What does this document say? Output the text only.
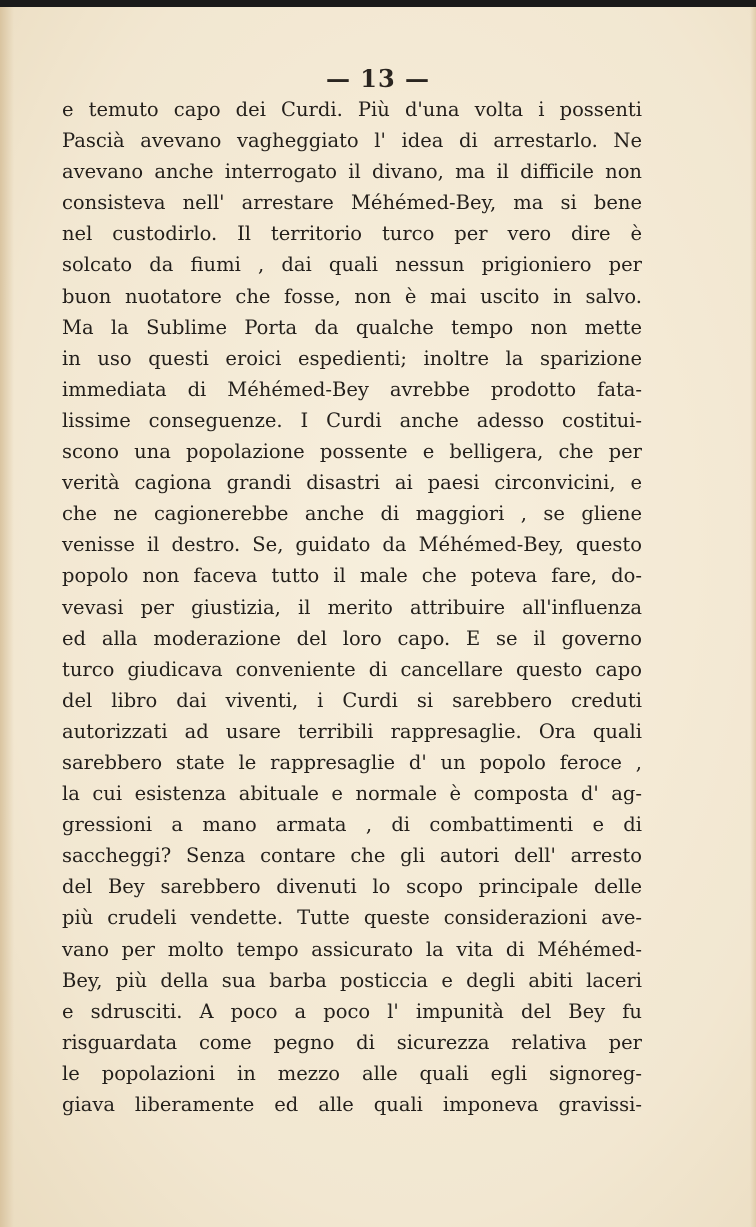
— 13 —
e temuto capo dei Curdi. Più d'una volta i possenti
Pascià avevano vagheggiato l' idea di arrestarlo. Ne
avevano anche interrogato il divano, ma il difficile non
consisteva nell' arrestare Méhémed-Bey, ma si bene
nel custodirlo. Il territorio turco per vero dire è
solcato da fiumi , dai quali nessun prigioniero per
buon nuotatore che fosse, non è mai uscito in salvo.
Ma la Sublime Porta da qualche tempo non mette
in uso questi eroici espedienti; inoltre la sparizione
immediata di Méhémed-Bey avrebbe prodotto fata-
lissime conseguenze. I Curdi anche adesso costitui-
scono una popolazione possente e belligera, che per
verità cagiona grandi disastri ai paesi circonvicini, e
che ne cagionerebbe anche di maggiori , se gliene
venisse il destro. Se, guidato da Méhémed-Bey, questo
popolo non faceva tutto il male che poteva fare, do-
vevasi per giustizia, il merito attribuire all'influenza
ed alla moderazione del loro capo. E se il governo
turco giudicava conveniente di cancellare questo capo
del libro dai viventi, i Curdi si sarebbero creduti
autorizzati ad usare terribili rappresaglie. Ora quali
sarebbero state le rappresaglie d' un popolo feroce ,
la cui esistenza abituale e normale è composta d' ag-
gressioni a mano armata , di combattimenti e di
saccheggi? Senza contare che gli autori dell' arresto
del Bey sarebbero divenuti lo scopo principale delle
più crudeli vendette. Tutte queste considerazioni ave-
vano per molto tempo assicurato la vita di Méhémed-
Bey, più della sua barba posticcia e degli abiti laceri
e sdrusciti. A poco a poco l' impunità del Bey fu
risguardata come pegno di sicurezza relativa per
le popolazioni in mezzo alle quali egli signoreg-
giava liberamente ed alle quali imponeva gravissi-
